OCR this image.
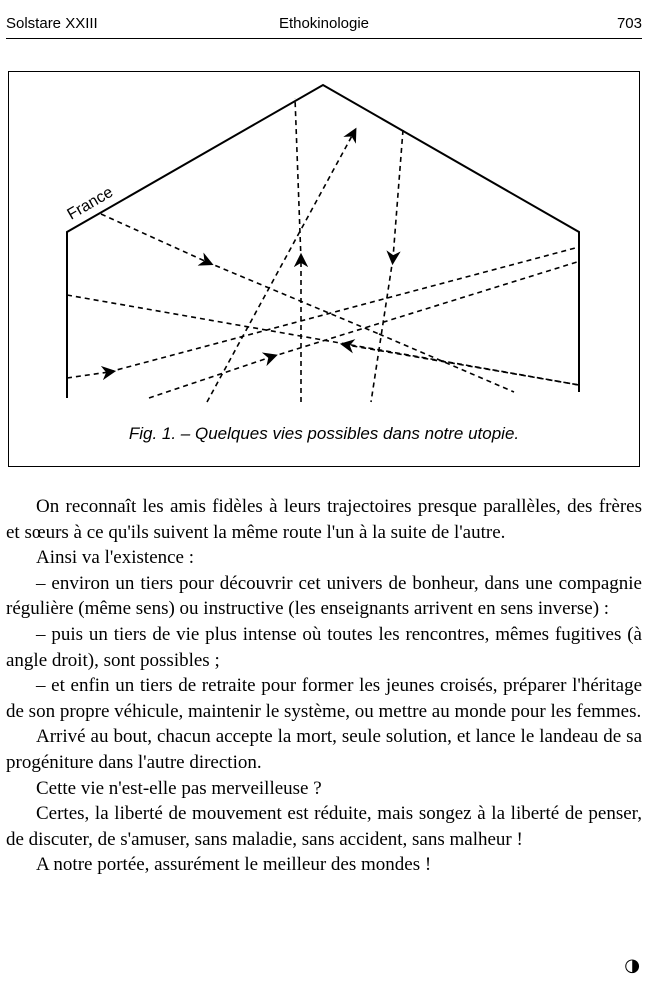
Solstare XXIII	Ethokinologie	703
France
Fig. 1. – Quelques vies possibles dans notre utopie.

On reconnaît les amis fidèles à leurs trajectoires presque parallèles, des frères et sœurs à ce qu'ils suivent la même route l'un à la suite de l'autre.

Ainsi va l'existence :

– environ un tiers pour découvrir cet univers de bonheur, dans une compagnie régulière (même sens) ou instructive (les enseignants arrivent en sens inverse) :

– puis un tiers de vie plus intense où toutes les rencontres, mêmes fugitives (à angle droit), sont possibles ;

– et enfin un tiers de retraite pour former les jeunes croisés, préparer l'héritage de son propre véhicule, maintenir le système, ou mettre au monde pour les femmes.

Arrivé au bout, chacun accepte la mort, seule solution, et lance le landeau de sa progéniture dans l'autre direction.

Cette vie n'est-elle pas merveilleuse ?

Certes, la liberté de mouvement est réduite, mais songez à la liberté de penser, de discuter, de s'amuser, sans maladie, sans accident, sans malheur !

A notre portée, assurément le meilleur des mondes !

◑
